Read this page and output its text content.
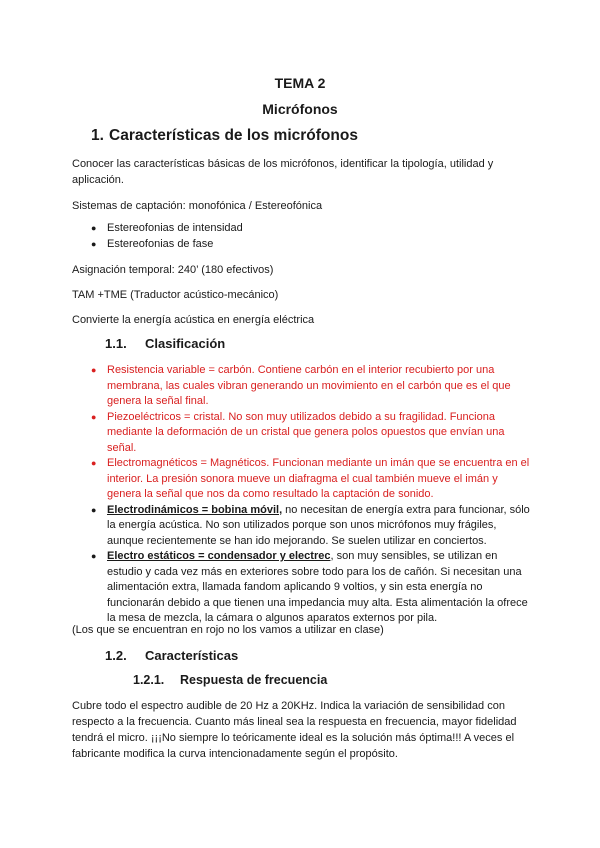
TEMA 2
Micrófonos
1. Características de los micrófonos

Conocer las características básicas de los micrófonos, identificar la tipología, utilidad y aplicación.

Sistemas de captación: monofónica / Estereofónica

● Estereofonias de intensidad
● Estereofonias de fase

Asignación temporal: 240’ (180 efectivos)

TAM +TME (Traductor acústico-mecánico)

Convierte la energía acústica en energía eléctrica

1.1. Clasificación
● Resistencia variable = carbón. Contiene carbón en el interior recubierto por una membrana, las cuales vibran generando un movimiento en el carbón que es el que genera la señal final.
● Piezoeléctricos = cristal. No son muy utilizados debido a su fragilidad. Funciona mediante la deformación de un cristal que genera polos opuestos que envían una señal.
● Electromagnéticos = Magnéticos. Funcionan mediante un imán que se encuentra en el interior. La presión sonora mueve un diafragma el cual también mueve el imán y genera la señal que nos da como resultado la captación de sonido.
● Electrodinámicos = bobina móvil, no necesitan de energía extra para funcionar, sólo la energía acústica. No son utilizados porque son unos micrófonos muy frágiles, aunque recientemente se han ido mejorando. Se suelen utilizar en conciertos.
● Electro estáticos = condensador y electrec, son muy sensibles, se utilizan en estudio y cada vez más en exteriores sobre todo para los de cañón. Si necesitan una alimentación extra, llamada fandom aplicando 9 voltios, y sin esta energía no funcionarán debido a que tienen una impedancia muy alta. Esta alimentación la ofrece la mesa de mezcla, la cámara o algunos aparatos externos por pila.

(Los que se encuentran en rojo no los vamos a utilizar en clase)

1.2. Características
1.2.1. Respuesta de frecuencia

Cubre todo el espectro audible de 20 Hz a 20KHz. Indica la variación de sensibilidad con respecto a la frecuencia. Cuanto más lineal sea la respuesta en frecuencia, mayor fidelidad tendrá el micro. ¡¡¡No siempre lo teóricamente ideal es la solución más óptima!!! A veces el fabricante modifica la curva intencionadamente según el propósito.
